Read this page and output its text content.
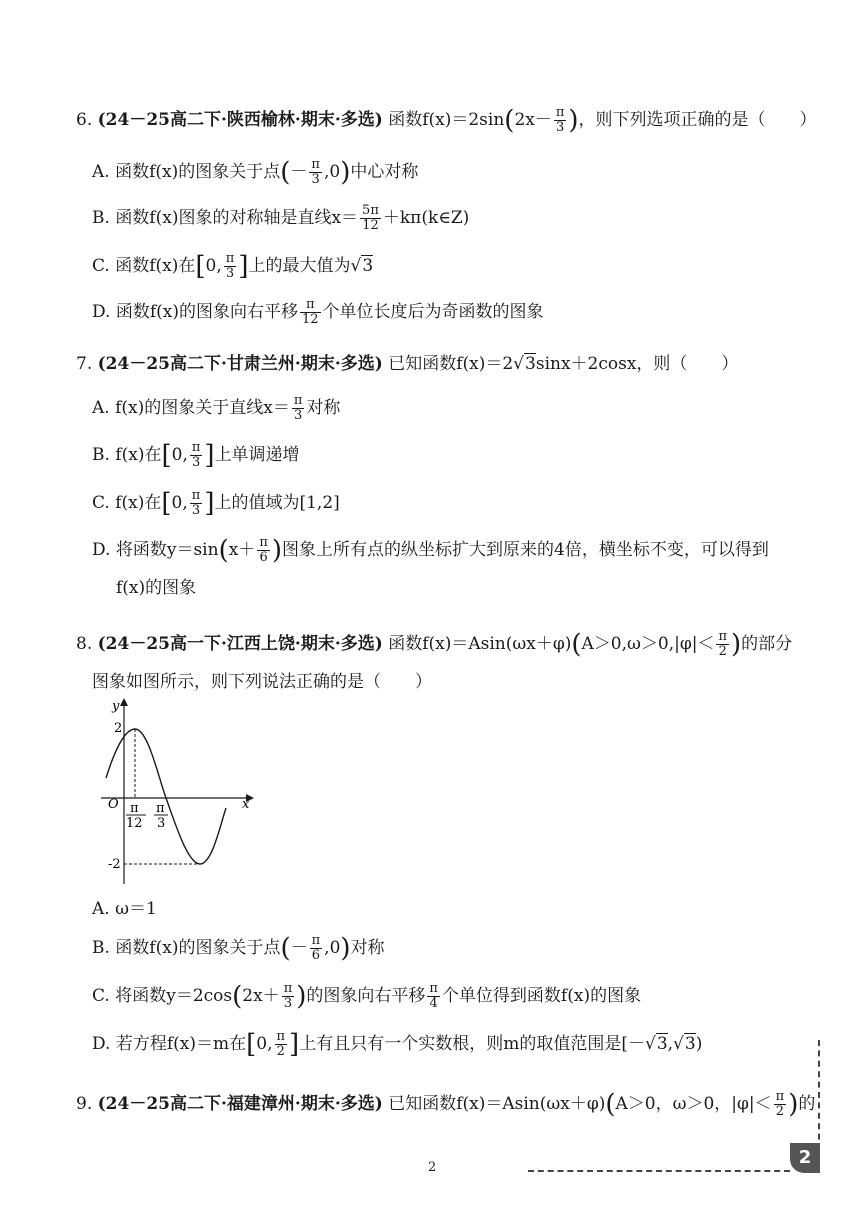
6. (24－25高二下·陕西榆林·期末·多选) 函数$f(x)=2\sin(2x- \frac{\pi}{3}$ )，则下列选项正确的是（　　）
A. 函数f(x)的图象关于点(－ $\frac{\pi}{3} ,0$)中心对称
B. 函数f(x)图象的对称轴是直线$x= \frac{5\pi}{12}$ ＋kπ(k∈Z)
C. 函数f(x)在[0, $\frac{\pi}{3}$ ]上的最大值为√3
D. 函数f(x)的图象向右平移 $\frac{\pi}{12}$ 个单位长度后为奇函数的图象
7. (24－25高二下·甘肃兰州·期末·多选) 已知函数f(x)＝2√3sinx＋2cosx，则（　　）
A. f(x)的图象关于直线$x= \frac{\pi}{3}$ 对称
B. f(x)在[0, $\frac{\pi}{3}$ ]上单调递增
C. f(x)在[0, $\frac{\pi}{3}$ ]上的值域为[1,2]
D. 将函数$y=\sin(x+ \frac{\pi}{6}$ )图象上所有点的纵坐标扩大到原来的4倍，横坐标不变，可以得到
f(x)的图象
8. (24－25高一下·江西上饶·期末·多选) 函数$f(x)=Asin(\omega x+\varphi)(A>0,\omega>0,|\varphi|< \frac{\pi}{2}$ )的部分
图象如图所示，则下列说法正确的是（　　）
y
x
O
2
-2
π
12
π
3
A. ω＝1
B. 函数f(x)的图象关于点(－ $\frac{\pi}{6} ,0$)对称
C. 将函数$y=2\cos(2x+ \frac{\pi}{3}$ )的图象向右平移 $\frac{\pi}{4}$ 个单位得到函数f(x)的图象
D. 若方程f(x)＝m在[0, $\frac{\pi}{2}$ ]上有且只有一个实数根，则m的取值范围是[－√3,√3)
9. (24－25高二下·福建漳州·期末·多选) 已知函数f(x)＝Asin(ωx＋φ)(A＞0，ω＞0，$|\varphi|< \frac{\pi}{2}$ )的
2	2
